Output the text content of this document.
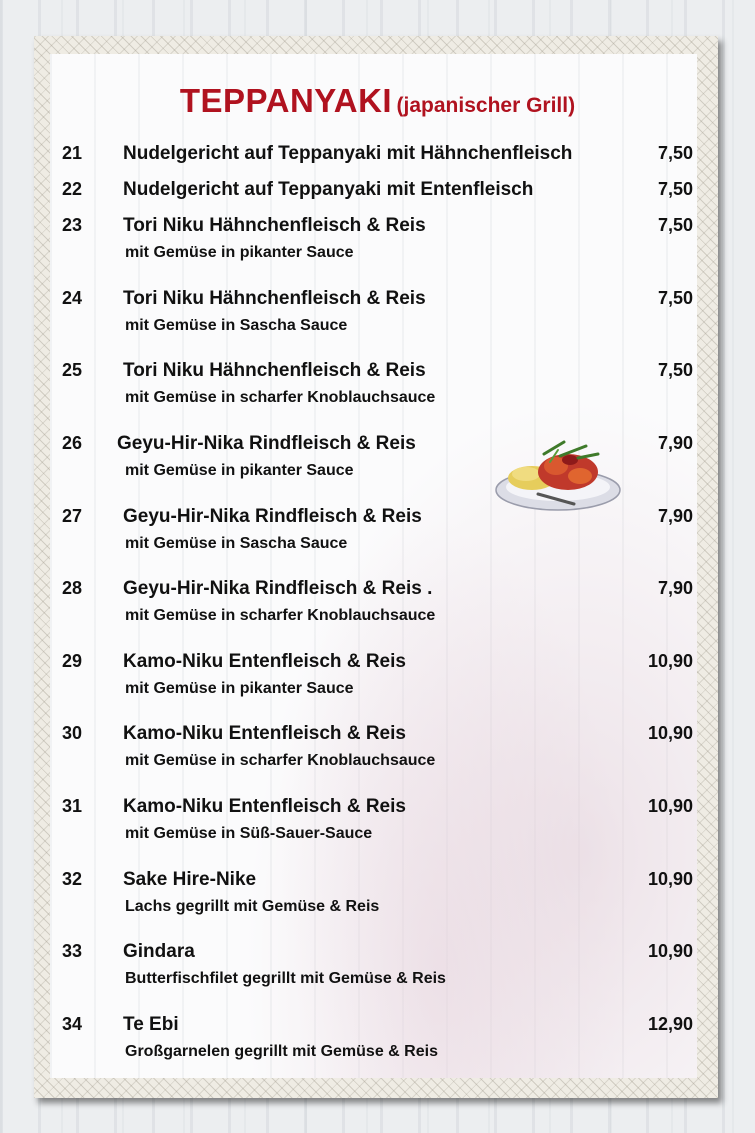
TEPPANYAKI (japanischer Grill)
21 Nudelgericht auf Teppanyaki mit Hähnchenfleisch	7,50
22 Nudelgericht auf Teppanyaki mit Entenfleisch	7,50
23 Tori Niku Hähnchenfleisch & Reis
mit Gemüse in pikanter Sauce
7,50
24 Tori Niku Hähnchenfleisch & Reis
mit Gemüse in Sascha Sauce
7,50
25 Tori Niku Hähnchenfleisch & Reis
mit Gemüse in scharfer Knoblauchsauce
7,50
26 Geyu-Hir-Nika Rindfleisch & Reis
mit Gemüse in pikanter Sauce
7,90
27 Geyu-Hir-Nika Rindfleisch & Reis
mit Gemüse in Sascha Sauce
7,90
28 Geyu-Hir-Nika Rindfleisch & Reis .
mit Gemüse in scharfer Knoblauchsauce
7,90
29 Kamo-Niku Entenfleisch & Reis
mit Gemüse in pikanter Sauce
10,90
30 Kamo-Niku Entenfleisch & Reis
mit Gemüse in scharfer Knoblauchsauce
10,90
31 Kamo-Niku Entenfleisch & Reis
mit Gemüse in Süß-Sauer-Sauce
10,90
32 Sake Hire-Nike
Lachs gegrillt mit Gemüse & Reis
10,90
33 Gindara
Butterfischfilet gegrillt mit Gemüse & Reis
10,90
34 Te Ebi
Großgarnelen gegrillt mit Gemüse & Reis
12,90
